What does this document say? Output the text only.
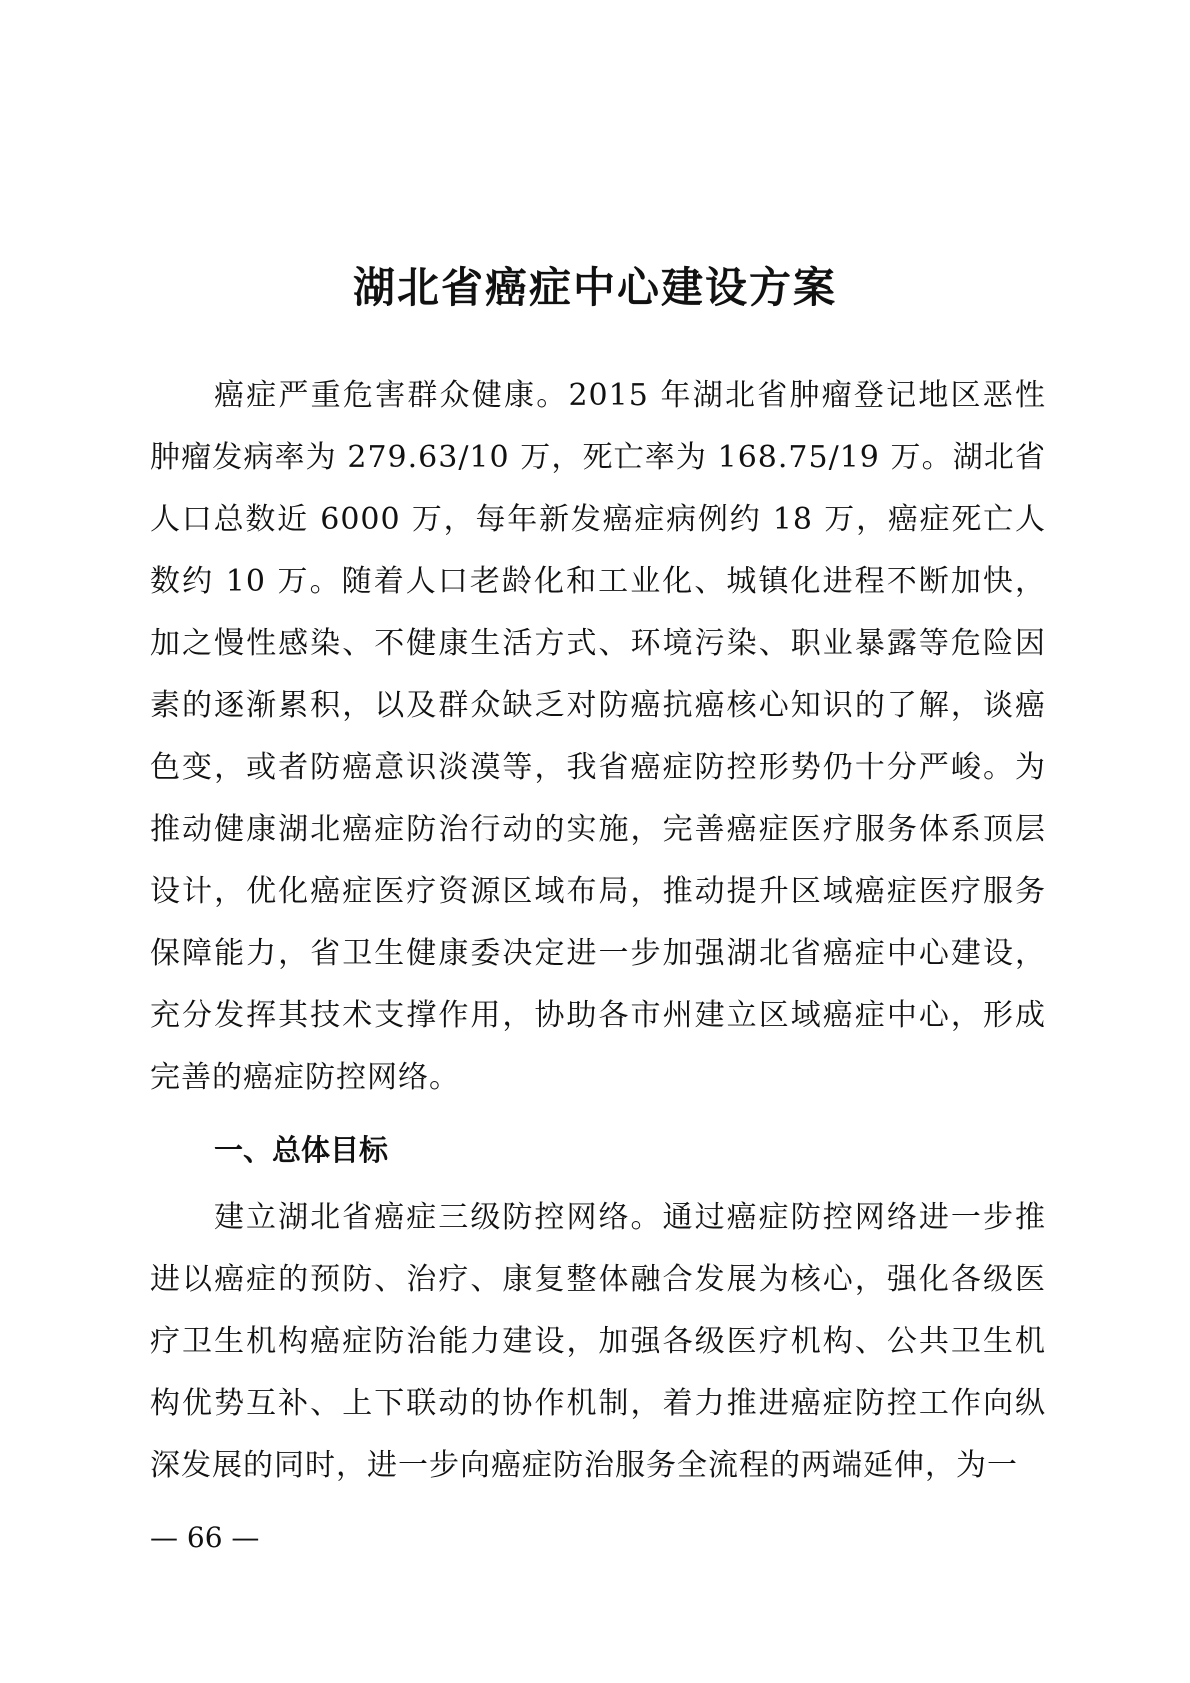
湖北省癌症中心建设方案

癌症严重危害群众健康。2015 年湖北省肿瘤登记地区恶性肿瘤发病率为 279.63/10 万，死亡率为 168.75/19 万。湖北省人口总数近 6000 万，每年新发癌症病例约 18 万，癌症死亡人数约 10 万。随着人口老龄化和工业化、城镇化进程不断加快，加之慢性感染、不健康生活方式、环境污染、职业暴露等危险因素的逐渐累积，以及群众缺乏对防癌抗癌核心知识的了解，谈癌色变，或者防癌意识淡漠等，我省癌症防控形势仍十分严峻。为推动健康湖北癌症防治行动的实施，完善癌症医疗服务体系顶层设计，优化癌症医疗资源区域布局，推动提升区域癌症医疗服务保障能力，省卫生健康委决定进一步加强湖北省癌症中心建设，充分发挥其技术支撑作用，协助各市州建立区域癌症中心，形成完善的癌症防控网络。

一、总体目标

建立湖北省癌症三级防控网络。通过癌症防控网络进一步推进以癌症的预防、治疗、康复整体融合发展为核心，强化各级医疗卫生机构癌症防治能力建设，加强各级医疗机构、公共卫生机构优势互补、上下联动的协作机制，着力推进癌症防控工作向纵深发展的同时，进一步向癌症防治服务全流程的两端延伸，为一

— 66 —
